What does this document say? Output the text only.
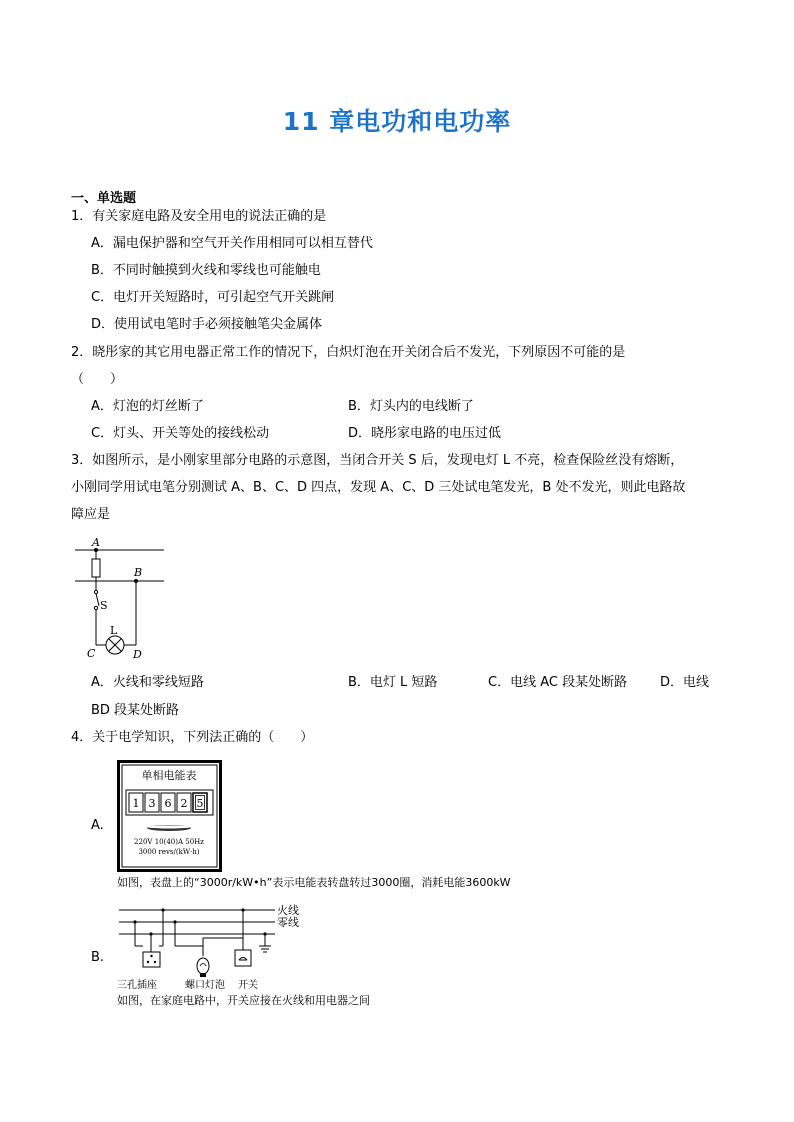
11 章电功和电功率
一、单选题
1．有关家庭电路及安全用电的说法正确的是
A．漏电保护器和空气开关作用相同可以相互替代
B．不同时触摸到火线和零线也可能触电
C．电灯开关短路时，可引起空气开关跳闸
D．使用试电笔时手必须接触笔尖金属体
2．晓彤家的其它用电器正常工作的情况下，白炽灯泡在开关闭合后不发光，下列原因不可能的是
（　　）
A．灯泡的灯丝断了	B．灯头内的电线断了
C．灯头、开关等处的接线松动	D．晓彤家电路的电压过低
3．如图所示，是小刚家里部分电路的示意图，当闭合开关 S 后，发现电灯 L 不亮，检查保险丝没有熔断，
小刚同学用试电笔分别测试 A、B、C、D 四点，发现 A、C、D 三处试电笔发光，B 处不发光，则此电路故
障应是
A
B
S
L
C	D
A．火线和零线短路	B．电灯 L 短路	C．电线 AC 段某处断路	D．电线
BD 段某处断路
4．关于电学知识，下列法正确的（　　）
A.
单相电能表
1 3 6 2 5
220V 10(40)A 50Hz
3000 revs/(kW·h)
如图，表盘上的“3000r/kW•h”表示电能表转盘转过3000圈，消耗电能3600kW
B.
火线
零线
三孔插座	螺口灯泡 开关
如图，在家庭电路中，开关应接在火线和用电器之间
